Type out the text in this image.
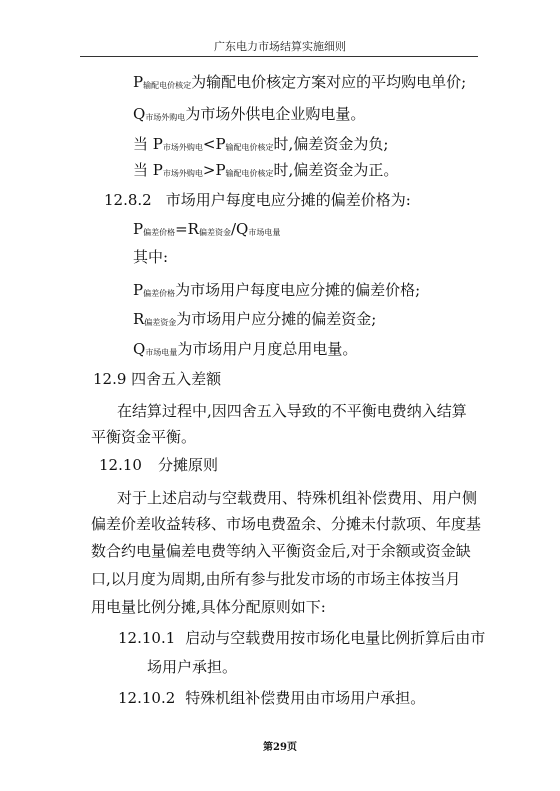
广东电力市场结算实施细则
$P_{输配电价核定}$为输配电价核定方案对应的平均购电单价;
$Q_{市场外购电}$为市场外供电企业购电量。
当 $P_{市场外购电}<P_{输配电价核定}$时,偏差资金为负;
当 $P_{市场外购电}>P_{输配电价核定}$时,偏差资金为正。
12.8.2 市场用户每度电应分摊的偏差价格为:
$P_{偏差价格}=R_{偏差资金}/Q_{市场电量}$
其中:
$P_{偏差价格}$为市场用户每度电应分摊的偏差价格;
$R_{偏差资金}$为市场用户应分摊的偏差资金;
$Q_{市场电量}$为市场用户月度总用电量。
12.9 四舍五入差额
在结算过程中,因四舍五入导致的不平衡电费纳入结算
平衡资金平衡。
12.10 分摊原则
对于上述启动与空载费用、特殊机组补偿费用、用户侧
偏差价差收益转移、市场电费盈余、分摊未付款项、年度基
数合约电量偏差电费等纳入平衡资金后,对于余额或资金缺
口,以月度为周期,由所有参与批发市场的市场主体按当月
用电量比例分摊,具体分配原则如下:
12.10.1 启动与空载费用按市场化电量比例折算后由市
场用户承担。
12.10.2 特殊机组补偿费用由市场用户承担。
第29页
